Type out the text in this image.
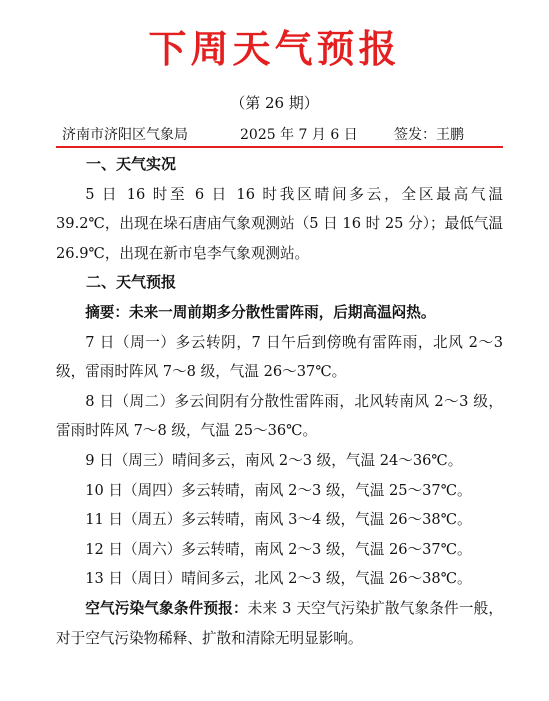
下周天气预报
（第 26 期）
济南市济阳区气象局	2025 年 7 月 6 日	签发：王鹏

一、天气实况

5 日 16 时至 6 日 16 时我区晴间多云，全区最高气温 39.2℃，出现在垛石唐庙气象观测站（5 日 16 时 25 分）；最低气温 26.9℃，出现在新市皂李气象观测站。

二、天气预报

摘要：未来一周前期多分散性雷阵雨，后期高温闷热。

7 日（周一）多云转阴，7 日午后到傍晚有雷阵雨，北风 2～3 级，雷雨时阵风 7～8 级，气温 26～37℃。

8 日（周二）多云间阴有分散性雷阵雨，北风转南风 2～3 级，雷雨时阵风 7～8 级，气温 25～36℃。

9 日（周三）晴间多云，南风 2～3 级，气温 24～36℃。

10 日（周四）多云转晴，南风 2～3 级，气温 25～37℃。

11 日（周五）多云转晴，南风 3～4 级，气温 26～38℃。

12 日（周六）多云转晴，南风 2～3 级，气温 26～37℃。

13 日（周日）晴间多云，北风 2～3 级，气温 26～38℃。

空气污染气象条件预报：未来 3 天空气污染扩散气象条件一般，对于空气污染物稀释、扩散和清除无明显影响。
